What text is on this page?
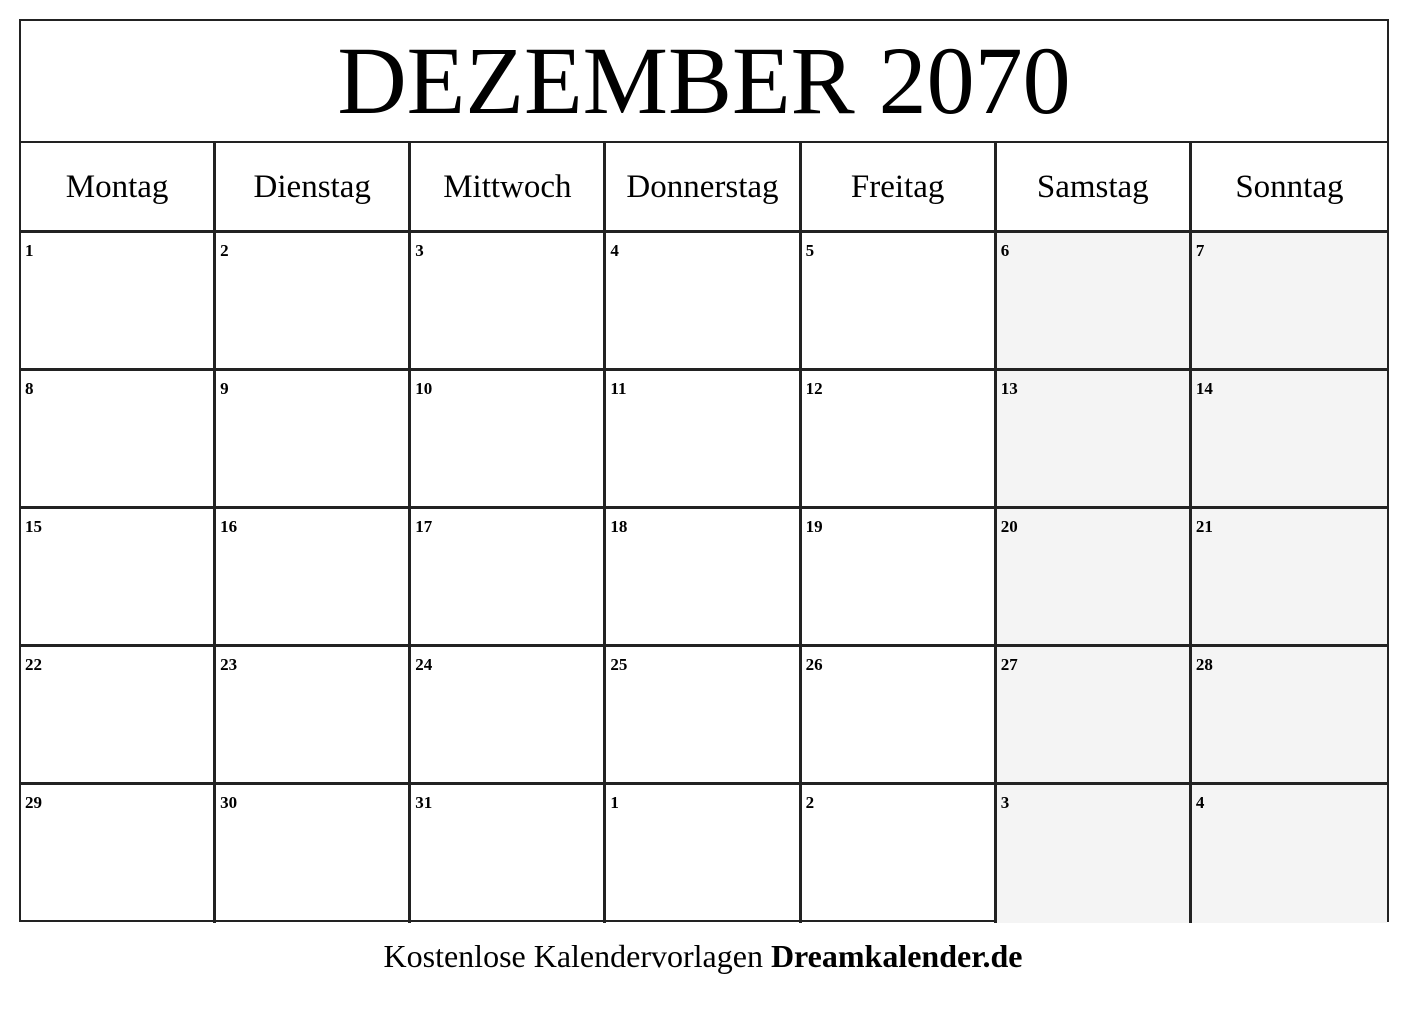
DEZEMBER 2070
Montag	Dienstag	Mittwoch	Donnerstag	Freitag	Samstag	Sonntag
1	2	3	4	5	6	7
8	9	10	11	12	13	14
15	16	17	18	19	20	21
22	23	24	25	26	27	28
29	30	31	1	2	3	4
Kostenlose Kalendervorlagen Dreamkalender.de
